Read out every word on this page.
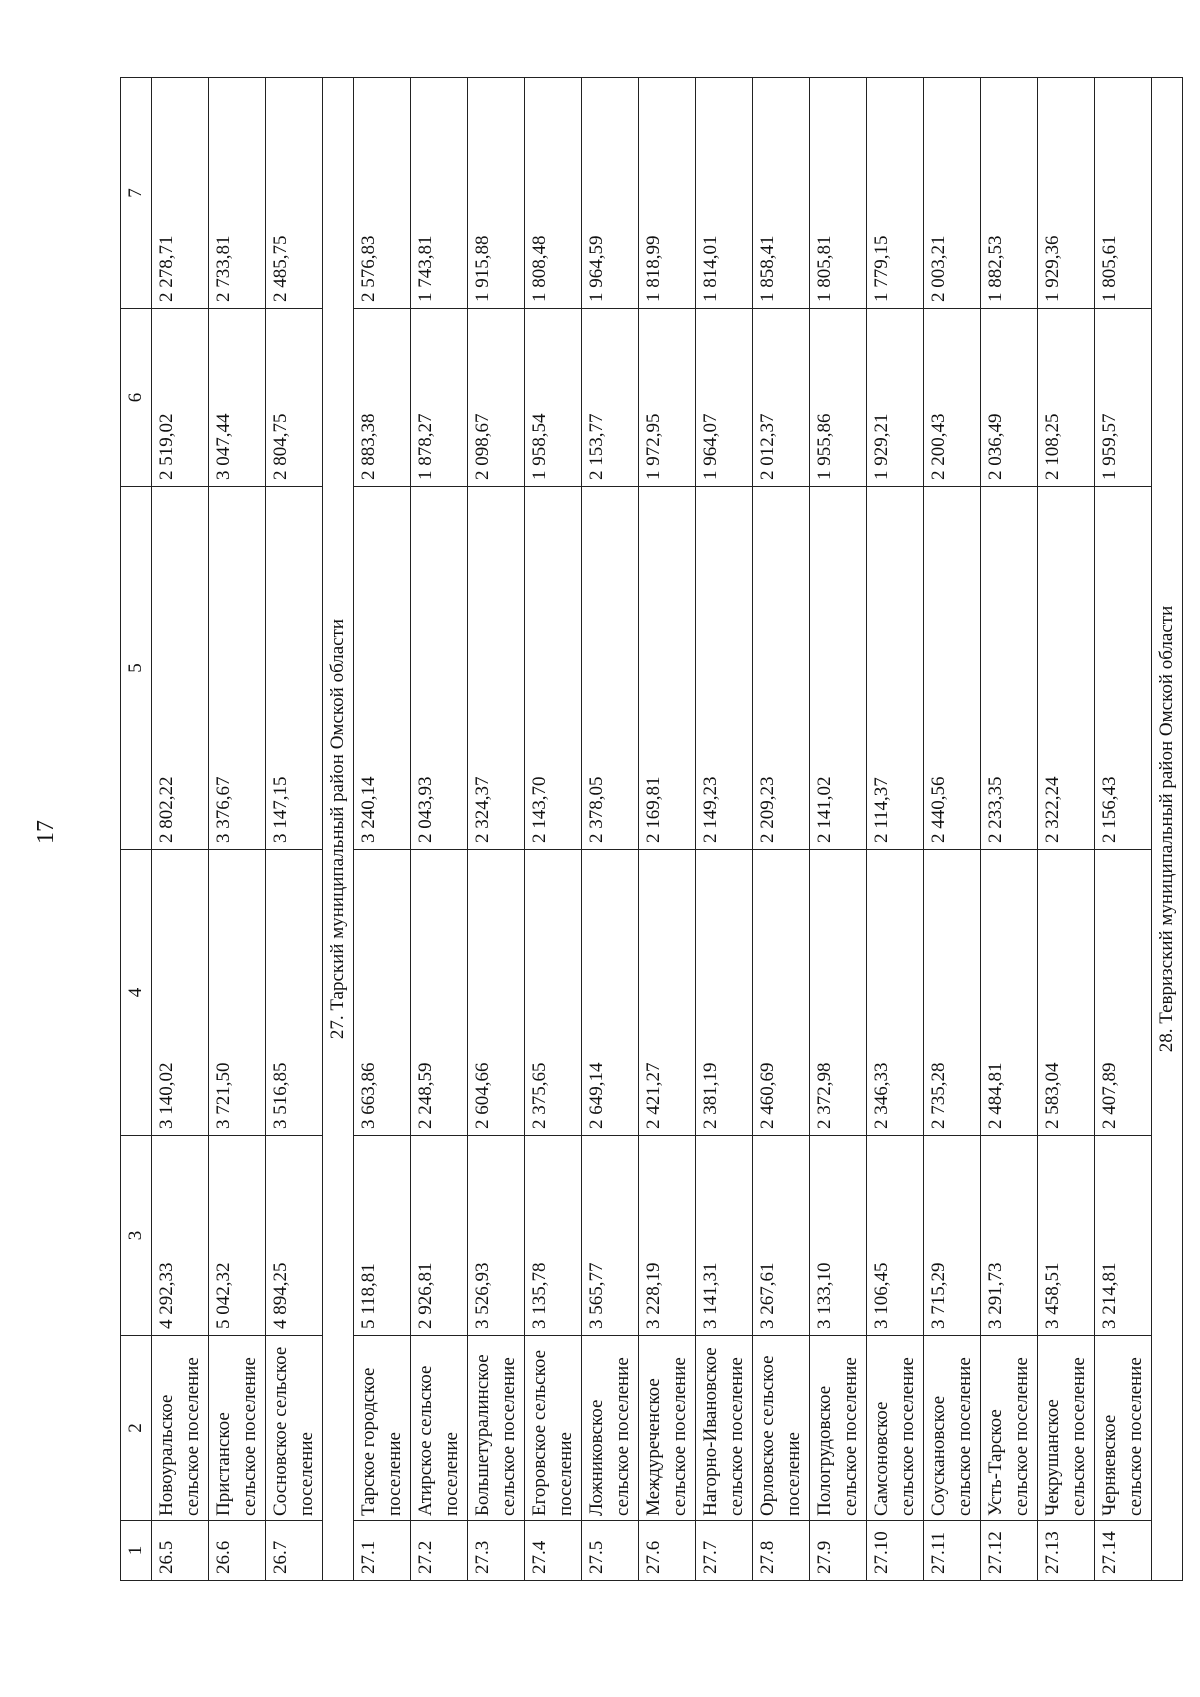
17
1	2	3	4	5	6	7
26.5	Новоуральское сельское поселение	4 292,33	3 140,02	2 802,22	2 519,02	2 278,71
26.6	Пристанское сельское поселение	5 042,32	3 721,50	3 376,67	3 047,44	2 733,81
26.7	Сосновское сельское поселение	4 894,25	3 516,85	3 147,15	2 804,75	2 485,75
27. Тарский муниципальный район Омской области						
27.1	Тарское городское поселение	5 118,81	3 663,86	3 240,14	2 883,38	2 576,83
27.2	Атирское сельское поселение	2 926,81	2 248,59	2 043,93	1 878,27	1 743,81
27.3	Большетуралинское сельское поселение	3 526,93	2 604,66	2 324,37	2 098,67	1 915,88
27.4	Егоровское сельское поселение	3 135,78	2 375,65	2 143,70	1 958,54	1 808,48
27.5	Ложниковское сельское поселение	3 565,77	2 649,14	2 378,05	2 153,77	1 964,59
27.6	Междуреченское сельское поселение	3 228,19	2 421,27	2 169,81	1 972,95	1 818,99
27.7	Нагорно-Ивановское сельское поселение	3 141,31	2 381,19	2 149,23	1 964,07	1 814,01
27.8	Орловское сельское поселение	3 267,61	2 460,69	2 209,23	2 012,37	1 858,41
27.9	Пологрудовское сельское поселение	3 133,10	2 372,98	2 141,02	1 955,86	1 805,81
27.10	Самсоновское сельское поселение	3 106,45	2 346,33	2 114,37	1 929,21	1 779,15
27.11	Соускановское сельское поселение	3 715,29	2 735,28	2 440,56	2 200,43	2 003,21
27.12	Усть-Тарское сельское поселение	3 291,73	2 484,81	2 233,35	2 036,49	1 882,53
27.13	Чекрушанское сельское поселение	3 458,51	2 583,04	2 322,24	2 108,25	1 929,36
27.14	Черняевское сельское поселение	3 214,81	2 407,89	2 156,43	1 959,57	1 805,61
28. Тевризский муниципальный район Омской области						
